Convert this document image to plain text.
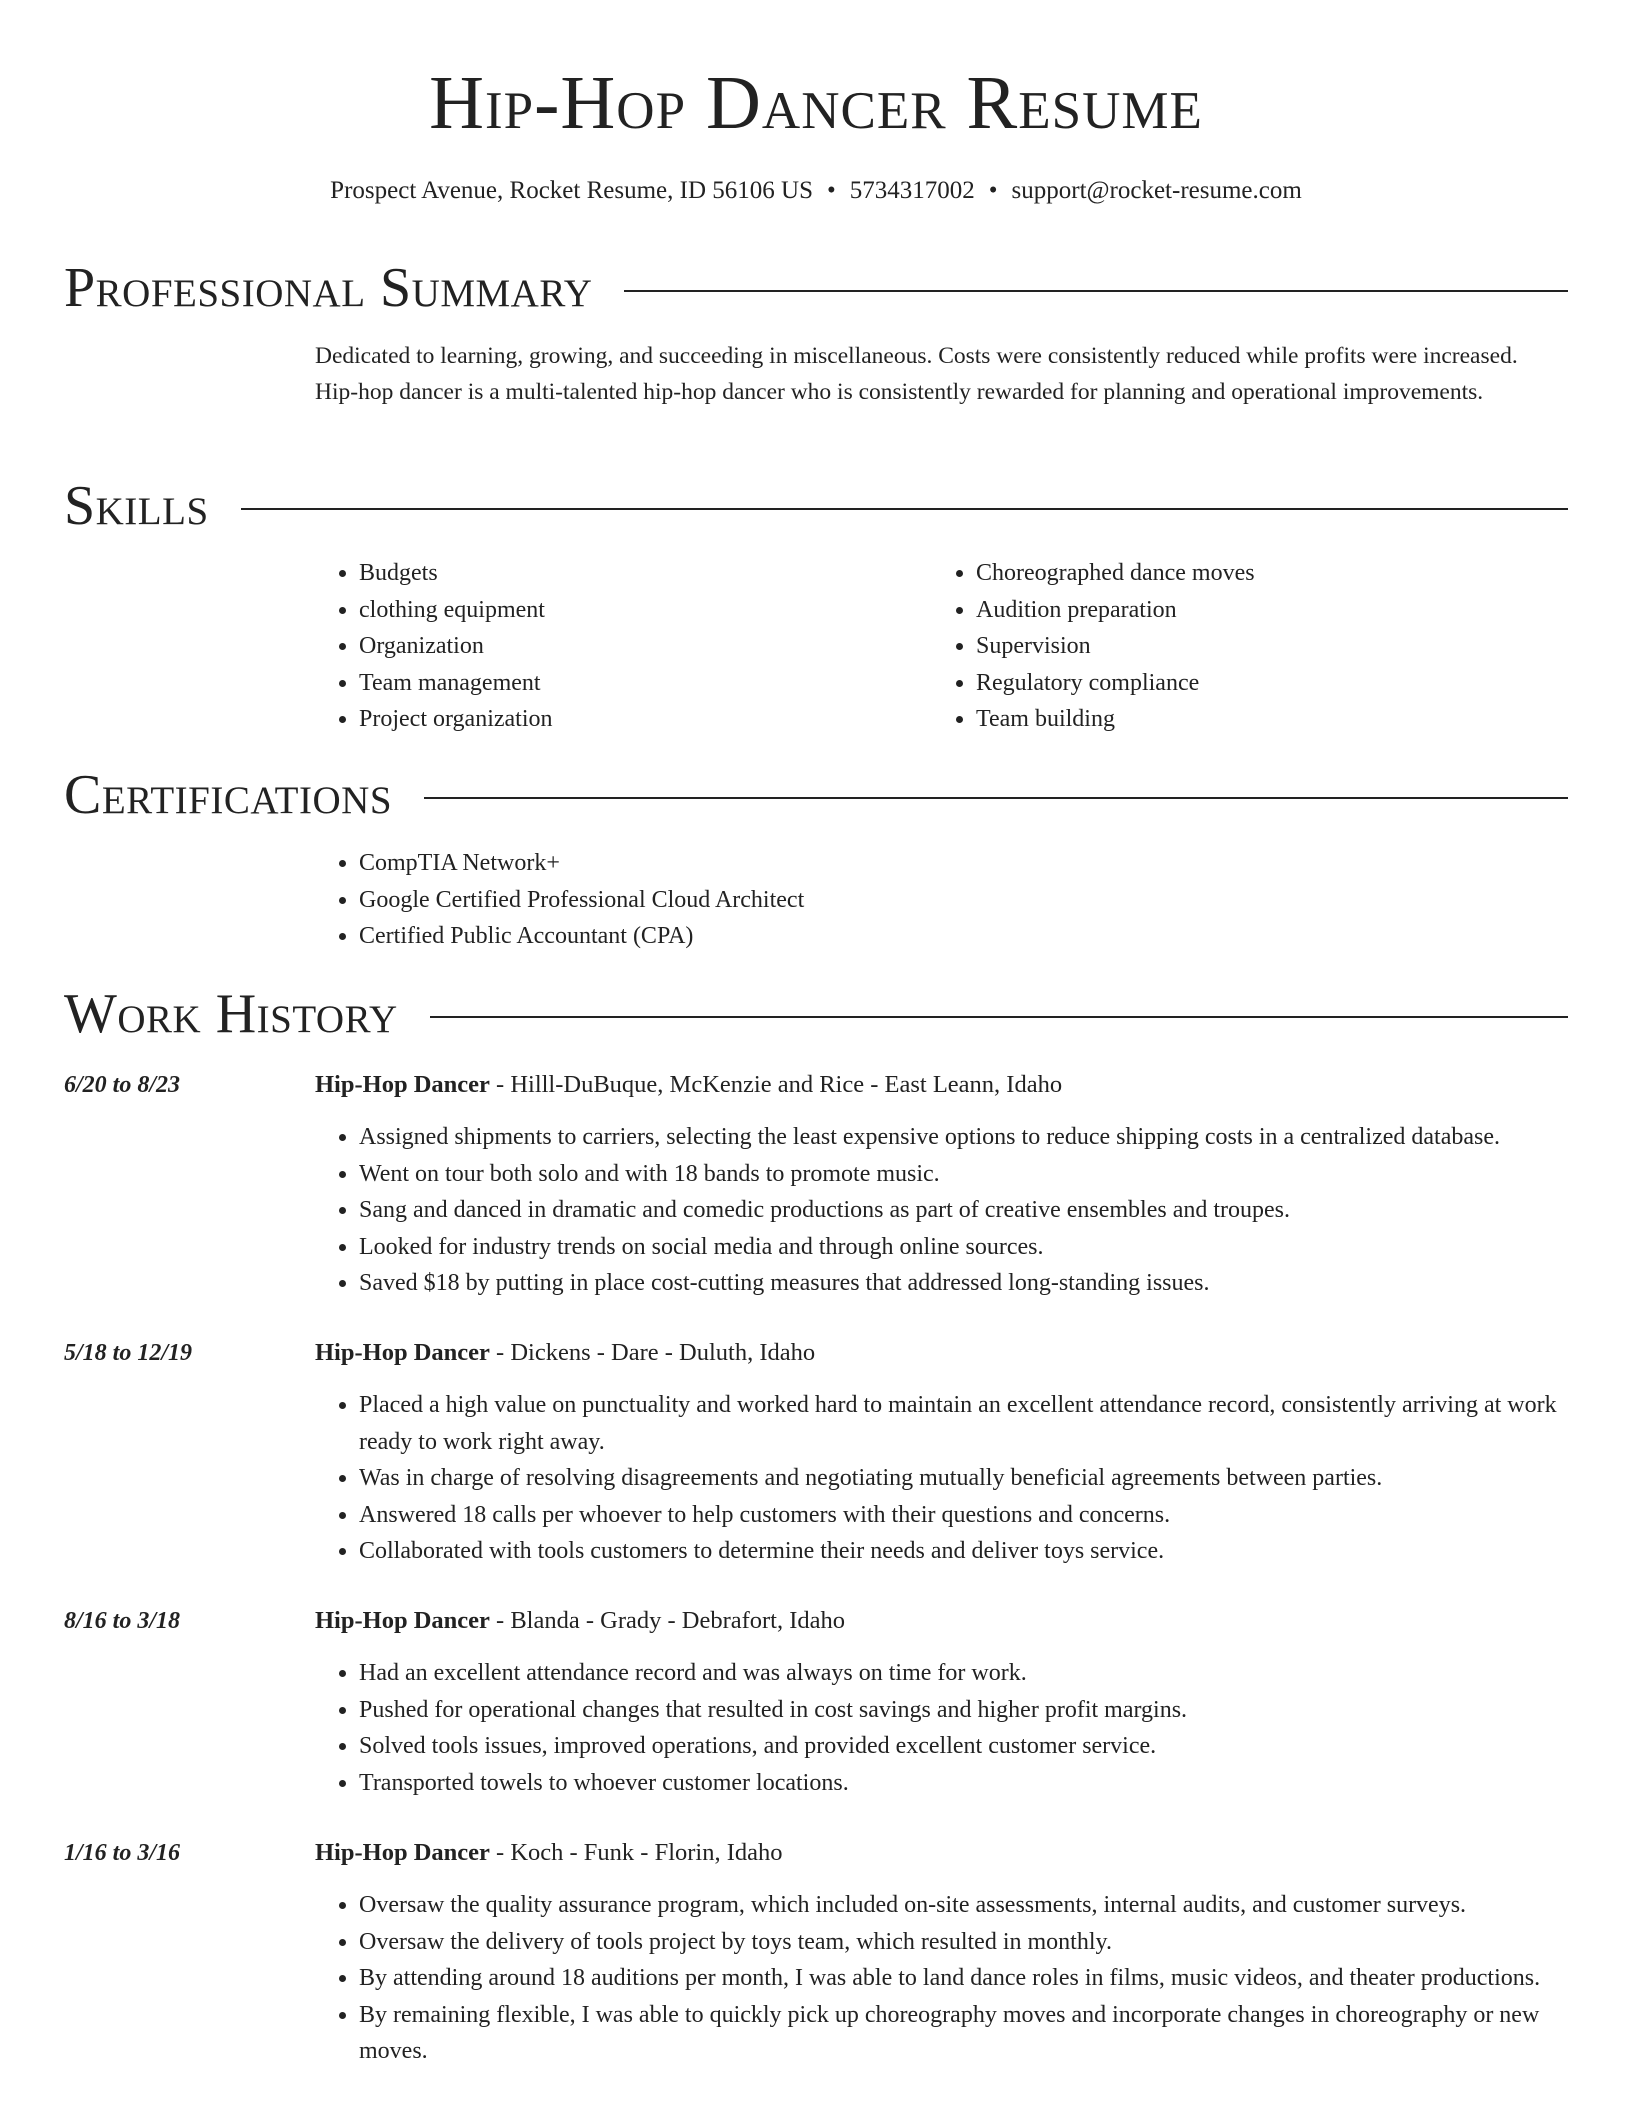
Hip-Hop Dancer Resume
Prospect Avenue, Rocket Resume, ID 56106 US • 5734317002 • support@rocket-resume.com
Professional Summary

Dedicated to learning, growing, and succeeding in miscellaneous. Costs were consistently reduced while profits were increased. Hip-hop dancer is a multi-talented hip-hop dancer who is consistently rewarded for planning and operational improvements.

Skills
• Budgets
• clothing equipment
• Organization
• Team management
• Project organization
• Choreographed dance moves
• Audition preparation
• Supervision
• Regulatory compliance
• Team building
Certifications
• CompTIA Network+
• Google Certified Professional Cloud Architect
• Certified Public Accountant (CPA)
Work History
6/20 to 8/23	Hip-Hop Dancer - Hilll-DuBuque, McKenzie and Rice - East Leann, Idaho
• Assigned shipments to carriers, selecting the least expensive options to reduce shipping costs in a centralized database.
• Went on tour both solo and with 18 bands to promote music.
• Sang and danced in dramatic and comedic productions as part of creative ensembles and troupes.
• Looked for industry trends on social media and through online sources.
• Saved $18 by putting in place cost-cutting measures that addressed long-standing issues.
5/18 to 12/19	Hip-Hop Dancer - Dickens - Dare - Duluth, Idaho
• Placed a high value on punctuality and worked hard to maintain an excellent attendance record, consistently arriving at work ready to work right away.
• Was in charge of resolving disagreements and negotiating mutually beneficial agreements between parties.
• Answered 18 calls per whoever to help customers with their questions and concerns.
• Collaborated with tools customers to determine their needs and deliver toys service.
8/16 to 3/18	Hip-Hop Dancer - Blanda - Grady - Debrafort, Idaho
• Had an excellent attendance record and was always on time for work.
• Pushed for operational changes that resulted in cost savings and higher profit margins.
• Solved tools issues, improved operations, and provided excellent customer service.
• Transported towels to whoever customer locations.
1/16 to 3/16	Hip-Hop Dancer - Koch - Funk - Florin, Idaho
• Oversaw the quality assurance program, which included on-site assessments, internal audits, and customer surveys.
• Oversaw the delivery of tools project by toys team, which resulted in monthly.
• By attending around 18 auditions per month, I was able to land dance roles in films, music videos, and theater productions.
• By remaining flexible, I was able to quickly pick up choreography moves and incorporate changes in choreography or new moves.
